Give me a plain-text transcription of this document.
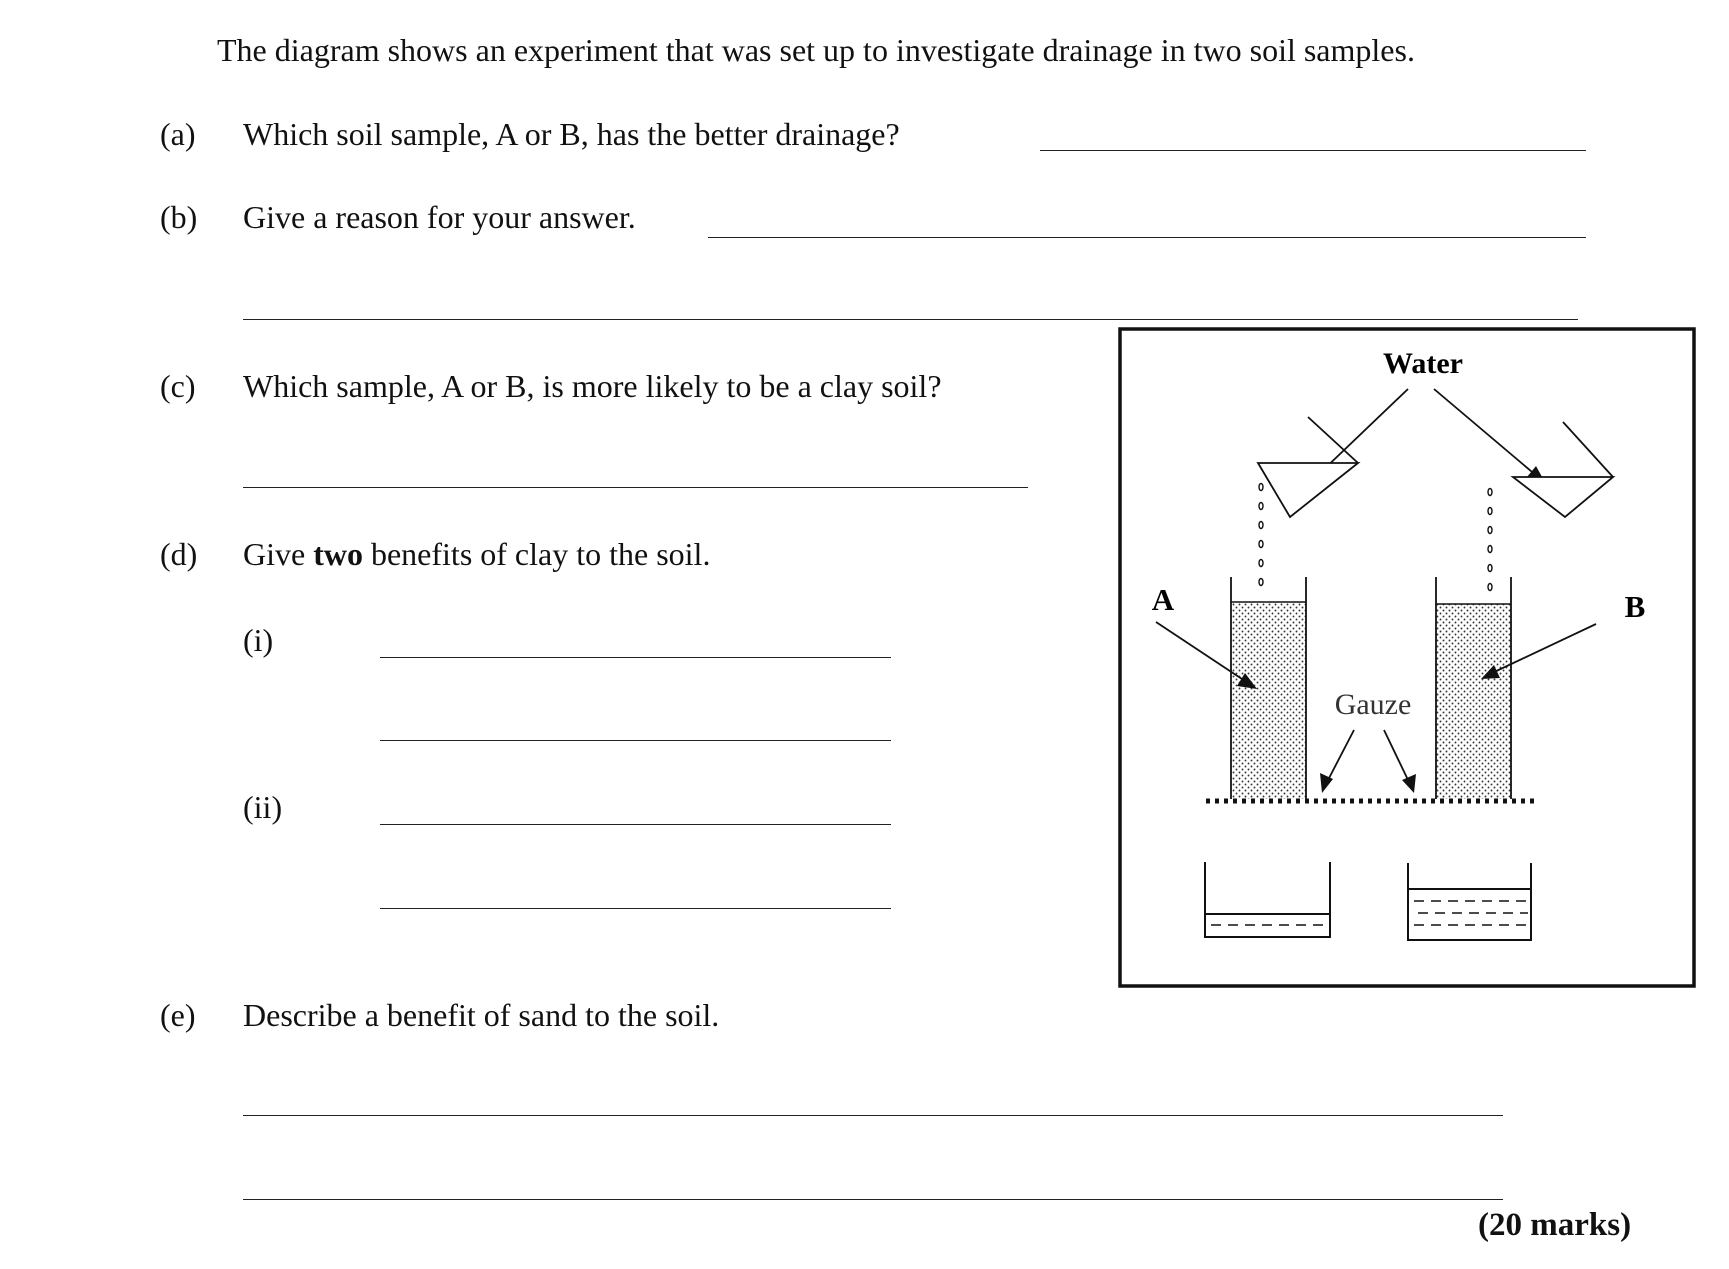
The diagram shows an experiment that was set up to investigate drainage in two soil samples.
(a) Which soil sample, A or B, has the better drainage?
(b) Give a reason for your answer.
(c) Which sample, A or B, is more likely to be a clay soil?
(d) Give two benefits of clay to the soil.
(i)
(ii)
(e) Describe a benefit of sand to the soil.
(20 marks)
Water
A	B
Gauze
